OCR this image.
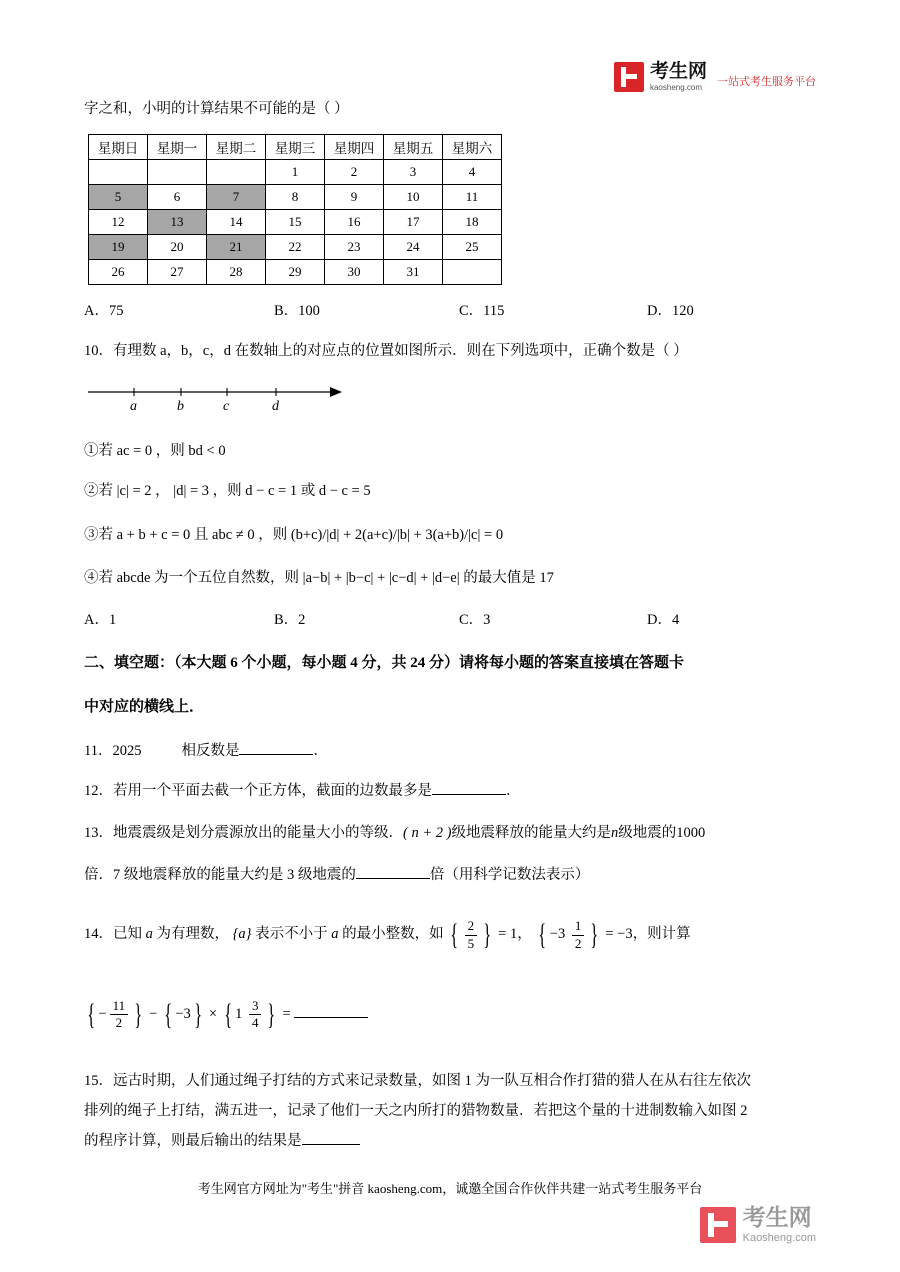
考生网
kaosheng.com	一站式考生服务平台

字之和，小明的计算结果不可能的是（ ）

星期日	星期一	星期二	星期三	星期四	星期五	星期六
			1	2	3	4
5	6	7	8	9	10	11
12	13	14	15	16	17	18
19	20	21	22	23	24	25
26	27	28	29	30	31	
A．75	B．100	C．115	D．120

10．有理数 a，b，c，d 在数轴上的对应点的位置如图所示．则在下列选项中，正确个数是（ ）

a	b	c	d

①若 ac = 0 ，则 bd < 0

②若 |c| = 2 ， |d| = 3 ，则 d − c = 1 或 d − c = 5

③若 a + b + c = 0 且 abc ≠ 0 ，则 (b+c)/|d| + 2(a+c)/|b| + 3(a+b)/|c| = 0

④若 abcde 为一个五位自然数，则 |a−b| + |b−c| + |c−d| + |d−e| 的最大值是 17

A．1	B．2	C．3	D．4

二、填空题：（本大题 6 个小题，每小题 4 分，共 24 分）请将每小题的答案直接填在答题卡

中对应的横线上．

11．2025	相反数是	．

12．若用一个平面去截一个正方体，截面的边数最多是	．

13．地震震级是划分震源放出的能量大小的等级．( n + 2 )级地震释放的能量大约是n级地震的1000

倍．7 级地震释放的能量大约是 3 级地震的	倍（用科学记数法表示）

14．已知 a 为有理数， {a} 表示不小于 a 的最小整数，如 { $\frac{2}{5}$ } = 1， { $-3 \frac{1}{2}$ } = −3，则计算

{ − $\frac{11}{2}$ } − { −3 } × { $1 \frac{3}{4}$ } =

15．远古时期，人们通过绳子打结的方式来记录数量，如图 1 为一队互相合作打猎的猎人在从右往左依次

排列的绳子上打结，满五进一，记录了他们一天之内所打的猎物数量．若把这个量的十进制数输入如图 2

的程序计算，则最后输出的结果是

考生网官方网址为"考生"拼音 kaosheng.com，诚邀全国合作伙伴共建一站式考生服务平台
考生网
Kaosheng.com
